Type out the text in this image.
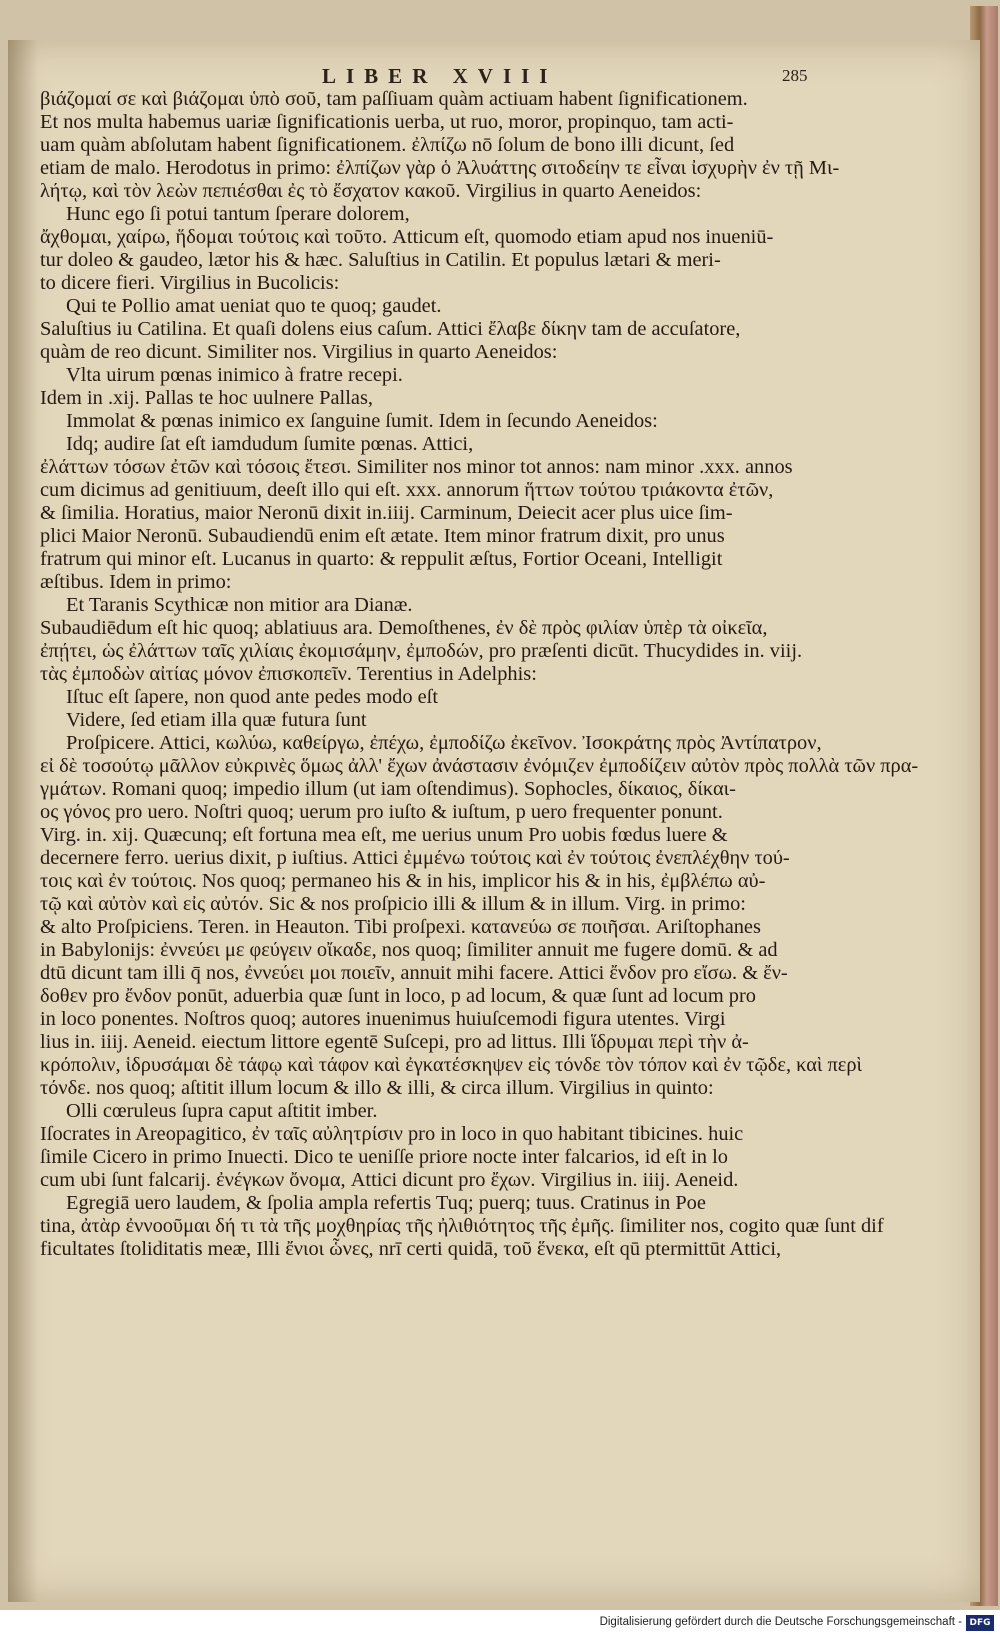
LIBER XVIII	285
βιάζομαί σε καὶ βιάζομαι ὑπὸ σοῦ, tam paſſiuam quàm actiuam habent ſignificationem.
Et nos multa habemus uariæ ſignificationis uerba, ut ruo, moror, propinquo, tam acti-
uam quàm abſolutam habent ſignificationem. ἐλπίζω nō ſolum de bono illi dicunt, ſed
etiam de malo. Herodotus in primo: ἐλπίζων γὰρ ὁ Ἀλυάττης σιτοδείην τε εἶναι ἰσχυρὴν ἐν τῇ Μι-
λήτῳ, καὶ τὸν λεὼν πεπιέσθαι ἐς τὸ ἔσχατον κακοῦ. Virgilius in quarto Aeneidos:
Hunc ego ſi potui tantum ſperare dolorem,
ἄχθομαι, χαίρω, ἥδομαι τούτοις καὶ τοῦτο. Atticum eſt, quomodo etiam apud nos inueniū-
tur doleo & gaudeo, lætor his & hæc. Saluſtius in Catilin. Et populus lætari & meri-
to dicere fieri. Virgilius in Bucolicis:
Qui te Pollio amat ueniat quo te quoq; gaudet.
Saluſtius iu Catilina. Et quaſi dolens eius caſum. Attici ἔλαβε δίκην tam de accuſatore,
quàm de reo dicunt. Similiter nos. Virgilius in quarto Aeneidos:
Vlta uirum pœnas inimico à fratre recepi.
Idem in .xij. Pallas te hoc uulnere Pallas,
Immolat & pœnas inimico ex ſanguine ſumit. Idem in ſecundo Aeneidos:
Idq; audire ſat eſt iamdudum ſumite pœnas. Attici,
ἐλάττων τόσων ἐτῶν καὶ τόσοις ἔτεσι. Similiter nos minor tot annos: nam minor .xxx. annos
cum dicimus ad genitiuum, deeſt illo qui eſt. xxx. annorum ἥττων τούτου τριάκοντα ἐτῶν,
& ſimilia. Horatius, maior Neronū dixit in.iiij. Carminum, Deiecit acer plus uice ſim-
plici Maior Neronū. Subaudiendū enim eſt ætate. Item minor fratrum dixit, pro unus
fratrum qui minor eſt. Lucanus in quarto: & reppulit æſtus, Fortior Oceani, Intelligit
æſtibus. Idem in primo:
Et Taranis Scythicæ non mitior ara Dianæ.
Subaudiēdum eſt hic quoq; ablatiuus ara. Demoſthenes, ἐν δὲ πρὸς φιλίαν ὑπὲρ τὰ οἰκεῖα,
ἐπῄτει, ὡς ἐλάττων ταῖς χιλίαις ἐκομισάμην, ἐμποδών, pro præſenti dicūt. Thucydides in. viij.
τὰς ἐμποδὼν αἰτίας μόνον ἐπισκοπεῖν. Terentius in Adelphis:
Iſtuc eſt ſapere, non quod ante pedes modo eſt
Videre, ſed etiam illa quæ futura ſunt
Proſpicere. Attici, κωλύω, καθείργω, ἐπέχω, ἐμποδίζω ἐκεῖνον. Ἰσοκράτης πρὸς Ἀντίπατρον,
εἰ δὲ τοσούτῳ μᾶλλον εὐκρινὲς ὅμως ἀλλ' ἔχων ἀνάστασιν ἐνόμιζεν ἐμποδίζειν αὐτὸν πρὸς πολλὰ τῶν πρα-
γμάτων. Romani quoq; impedio illum (ut iam oſtendimus). Sophocles, δίκαιος, δίκαι-
ος γόνος pro uero. Noſtri quoq; uerum pro iuſto & iuſtum, p uero frequenter ponunt.
Virg. in. xij. Quæcunq; eſt fortuna mea eſt, me uerius unum Pro uobis fœdus luere &
decernere ferro. uerius dixit, p iuſtius. Attici ἐμμένω τούτοις καὶ ἐν τούτοις ἐνεπλέχθην τού-
τοις καὶ ἐν τούτοις. Nos quoq; permaneo his & in his, implicor his & in his, ἐμβλέπω αὐ-
τῷ καὶ αὐτὸν καὶ εἰς αὐτόν. Sic & nos proſpicio illi & illum & in illum. Virg. in primo:
& alto Proſpiciens. Teren. in Heauton. Tibi proſpexi. κατανεύω σε ποιῆσαι. Ariſtophanes
in Babylonijs: ἐννεύει με φεύγειν οἴκαδε, nos quoq; ſimiliter annuit me fugere domū. & ad
dtū dicunt tam illi q̄ nos, ἐννεύει μοι ποιεῖν, annuit mihi facere. Attici ἔνδον pro εἴσω. & ἔν-
δοθεν pro ἔνδον ponūt, aduerbia quæ ſunt in loco, p ad locum, & quæ ſunt ad locum pro
in loco ponentes. Noſtros quoq; autores inuenimus huiuſcemodi figura utentes. Virgi
lius in. iiij. Aeneid. eiectum littore egentē Suſcepi, pro ad littus. Illi ἵδρυμαι περὶ τὴν ἀ-
κρόπολιν, ἱδρυσάμαι δὲ τάφῳ καὶ τάφον καὶ ἐγκατέσκηψεν εἰς τόνδε τὸν τόπον καὶ ἐν τῷδε, καὶ περὶ
τόνδε. nos quoq; aſtitit illum locum & illo & illi, & circa illum. Virgilius in quinto:
Olli cœruleus ſupra caput aſtitit imber.
Iſocrates in Areopagitico, ἐν ταῖς αὐλητρίσιν pro in loco in quo habitant tibicines. huic
ſimile Cicero in primo Inuecti. Dico te ueniſſe priore nocte inter falcarios, id eſt in lo
cum ubi ſunt falcarij. ἐνέγκων ὄνομα, Attici dicunt pro ἔχων. Virgilius in. iiij. Aeneid.
Egregiā uero laudem, & ſpolia ampla refertis Tuq; puerq; tuus. Cratinus in Poe
tina, ἀτὰρ ἐννοοῦμαι δή τι τὰ τῆς μοχθηρίας τῆς ἠλιθιότητος τῆς ἐμῆς. ſimiliter nos, cogito quæ ſunt dif
ficultates ſtoliditatis meæ, Illi ἔνιοι ὧνες, nrī certi quidā, τοῦ ἕνεκα, eſt qū ptermittūt Attici,
Digitalisierung gefördert durch die Deutsche Forschungsgemeinschaft - DFG
